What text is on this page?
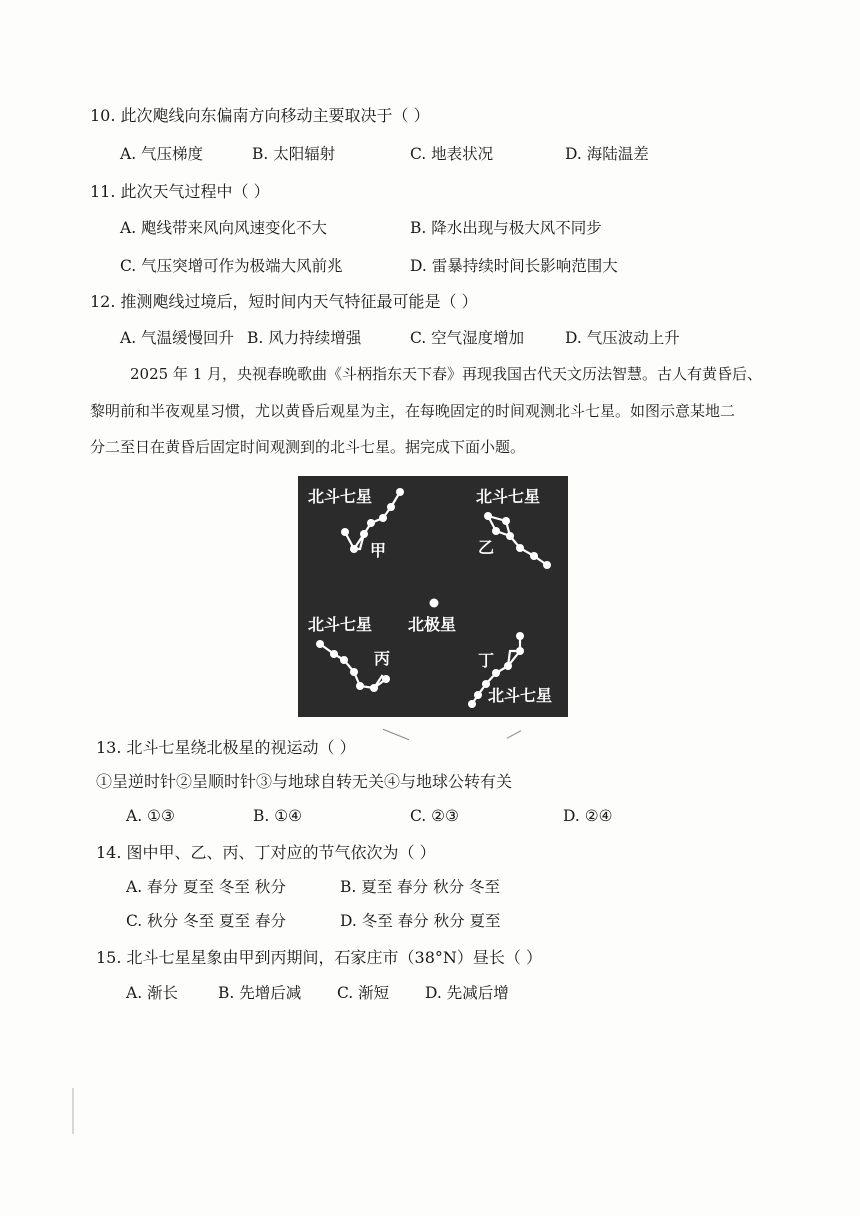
10. 此次飑线向东偏南方向移动主要取决于（ ）
A. 气压梯度	B. 太阳辐射	C. 地表状况	D. 海陆温差
11. 此次天气过程中（ ）
A. 飑线带来风向风速变化不大	B. 降水出现与极大风不同步
C. 气压突增可作为极端大风前兆	D. 雷暴持续时间长影响范围大
12. 推测飑线过境后，短时间内天气特征最可能是（ ）
A. 气温缓慢回升 B. 风力持续增强	C. 空气湿度增加	D. 气压波动上升
2025 年 1 月，央视春晚歌曲《斗柄指东天下春》再现我国古代天文历法智慧。古人有黄昏后、
黎明前和半夜观星习惯，尤以黄昏后观星为主，在每晚固定的时间观测北斗七星。如图示意某地二
分二至日在黄昏后固定时间观测到的北斗七星。据完成下面小题。
北斗七星
甲
北斗七星
乙
北斗七星 北极星
丙	丁
北斗七星
13. 北斗七星绕北极星的视运动（ ）
①呈逆时针②呈顺时针③与地球自转无关④与地球公转有关
A. ①③	B. ①④	C. ②③	D. ②④
14. 图中甲、乙、丙、丁对应的节气依次为（ ）
A. 春分 夏至 冬至 秋分	B. 夏至 春分 秋分 冬至
C. 秋分 冬至 夏至 春分	D. 冬至 春分 秋分 夏至
15. 北斗七星星象由甲到丙期间，石家庄市（38°N）昼长（ ）
A. 渐长	B. 先增后减 C. 渐短 D. 先减后增
